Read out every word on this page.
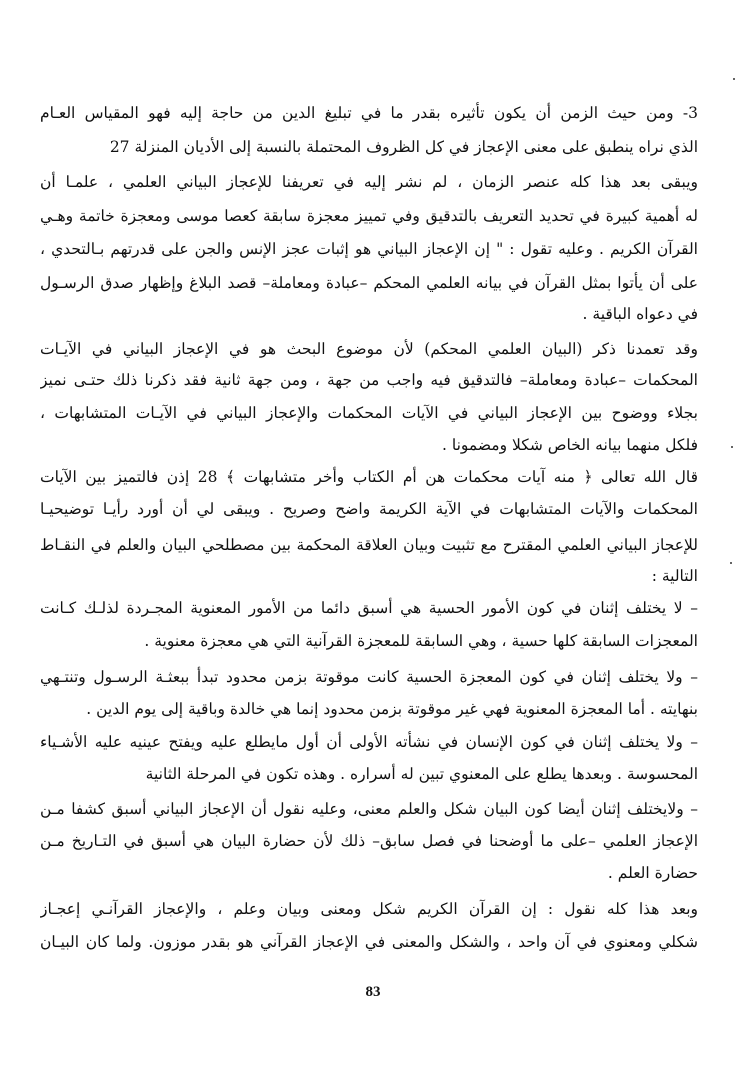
3- ومن حيث الزمن أن يكون تأثيره بقدر ما في تبليغ الدين من حاجة إليه فهو المقياس العـام
الذي نراه ينطبق على معنى الإعجاز في كل الظروف المحتملة بالنسبة إلى الأديان المنزلة 27
ويبقى بعد هذا كله عنصر الزمان ، لم نشر إليه في تعريفنا للإعجاز البياني العلمي ، علمـا أن
له أهمية كبيرة في تحديد التعريف بالتدقيق وفي تمييز معجزة سابقة كعصا موسى ومعجزة خاتمة وهـي
القرآن الكريم . وعليه تقول : " إن الإعجاز البياني هو إثبات عجز الإنس والجن على قدرتهم بـالتحدي ،
على أن يأتوا بمثل القرآن في بيانه العلمي المحكم –عبادة ومعاملة– قصد البلاغ وإظهار صدق الرسـول
في دعواه الباقية .
وقد تعمدنا ذكر (البيان العلمي المحكم) لأن موضوع البحث هو في الإعجاز البياني في الآيـات
المحكمات –عبادة ومعاملة– فالتدقيق فيه واجب من جهة ، ومن جهة ثانية فقد ذكرنا ذلك حتـى نميز
بجلاء ووضوح بين الإعجاز البياني في الآيات المحكمات والإعجاز البياني في الآيـات المتشابهات ،
فلكل منهما بيانه الخاص شكلا ومضمونا .
قال الله تعالى ﴿ منه آيات محكمات هن أم الكتاب وأخر متشابهات ﴾ 28 إذن فالتميز بين الآيات
المحكمات والآيات المتشابهات في الآية الكريمة واضح وصريح . ويبقى لي أن أورد رأيـا توضيحيـا
للإعجاز البياني العلمي المقترح مع تثبيت وبيان العلاقة المحكمة بين مصطلحي البيان والعلم في النقـاط
التالية :
– لا يختلف إثنان في كون الأمور الحسية هي أسبق دائما من الأمور المعنوية المجـردة لذلـك كـانت
المعجزات السابقة كلها حسية ، وهي السابقة للمعجزة القرآنية التي هي معجزة معنوية .
– ولا يختلف إثنان في كون المعجزة الحسية كانت موقوتة بزمن محدود تبدأ ببعثـة الرسـول وتنتـهي
بنهايته . أما المعجزة المعنوية فهي غير موقوتة بزمن محدود إنما هي خالدة وباقية إلى يوم الدين .
– ولا يختلف إثنان في كون الإنسان في نشأته الأولى أن أول مايطلع عليه ويفتح عينيه عليه الأشـياء
المحسوسة . وبعدها يطلع على المعنوي تبين له أسراره . وهذه تكون في المرحلة الثانية
– ولايختلف إثنان أيضا كون البيان شكل والعلم معنى، وعليه نقول أن الإعجاز البياني أسبق كشفا مـن
الإعجاز العلمي –على ما أوضحنا في فصل سابق– ذلك لأن حضارة البيان هي أسبق في التـاريخ مـن
حضارة العلم .
وبعد هذا كله نقول : إن القرآن الكريم شكل ومعنى وبيان وعلم ، والإعجاز القرآنـي إعجـاز
شكلي ومعنوي في آن واحد ، والشكل والمعنى في الإعجاز القرآني هو بقدر موزون. ولما كان البيـان
83
